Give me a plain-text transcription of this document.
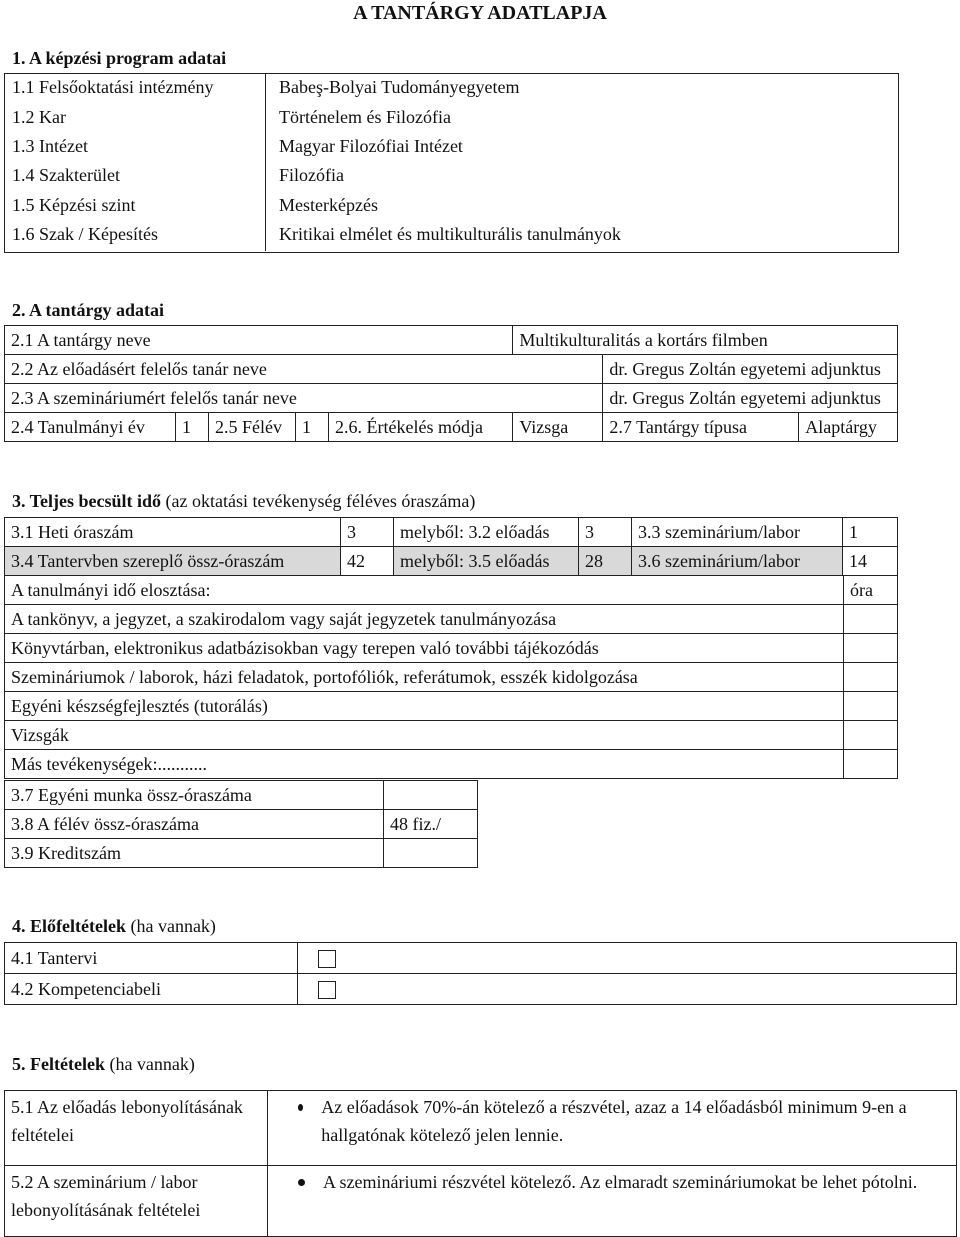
A TANTÁRGY ADATLAPJA
1. A képzési program adatai
1.1 Felsőoktatási intézmény	Babeş-Bolyai Tudományegyetem
1.2 Kar	Történelem és Filozófia
1.3 Intézet	Magyar Filozófiai Intézet
1.4 Szakterület	Filozófia
1.5 Képzési szint	Mesterképzés
1.6 Szak / Képesítés	Kritikai elmélet és multikulturális tanulmányok
2. A tantárgy adatai
2.1 A tantárgy neve					Multikulturalitás a kortárs filmben		
2.2 Az előadásért felelős tanár neve						dr. Gregus Zoltán egyetemi adjunktus	
2.3 A szemináriumért felelős tanár neve						dr. Gregus Zoltán egyetemi adjunktus	
2.4 Tanulmányi év	1	2.5 Félév	1	2.6. Értékelés módja	Vizsga	2.7 Tantárgy típusa	Alaptárgy
3. Teljes becsült idő (az oktatási tevékenység féléves óraszáma)
3.1 Heti óraszám	3	melyből: 3.2 előadás	3	3.3 szeminárium/labor	1
3.4 Tantervben szereplő össz-óraszám	42	melyből: 3.5 előadás	28	3.6 szeminárium/labor	14
A tanulmányi idő elosztása:	óra
A tankönyv, a jegyzet, a szakirodalom vagy saját jegyzetek tanulmányozása	
Könyvtárban, elektronikus adatbázisokban vagy terepen való további tájékozódás	
Szemináriumok / laborok, házi feladatok, portofóliók, referátumok, esszék kidolgozása	
Egyéni készségfejlesztés (tutorálás)	
Vizsgák	
Más tevékenységek:...........	
3.7 Egyéni munka össz-óraszáma	
3.8 A félév össz-óraszáma	48 fiz./
3.9 Kreditszám	
4. Előfeltételek (ha vannak)
4.1 Tantervi	
4.2 Kompetenciabeli	
5. Feltételek (ha vannak)
5.1 Az előadás lebonyolításának feltételei	Az előadások 70%-án kötelező a részvétel, azaz a 14 előadásból minimum 9-en a hallgatónak kötelező jelen lennie.

5.2 A szeminárium / labor lebonyolításának feltételei	A szemináriumi részvétel kötelező. Az elmaradt szemináriumokat be lehet pótolni.
